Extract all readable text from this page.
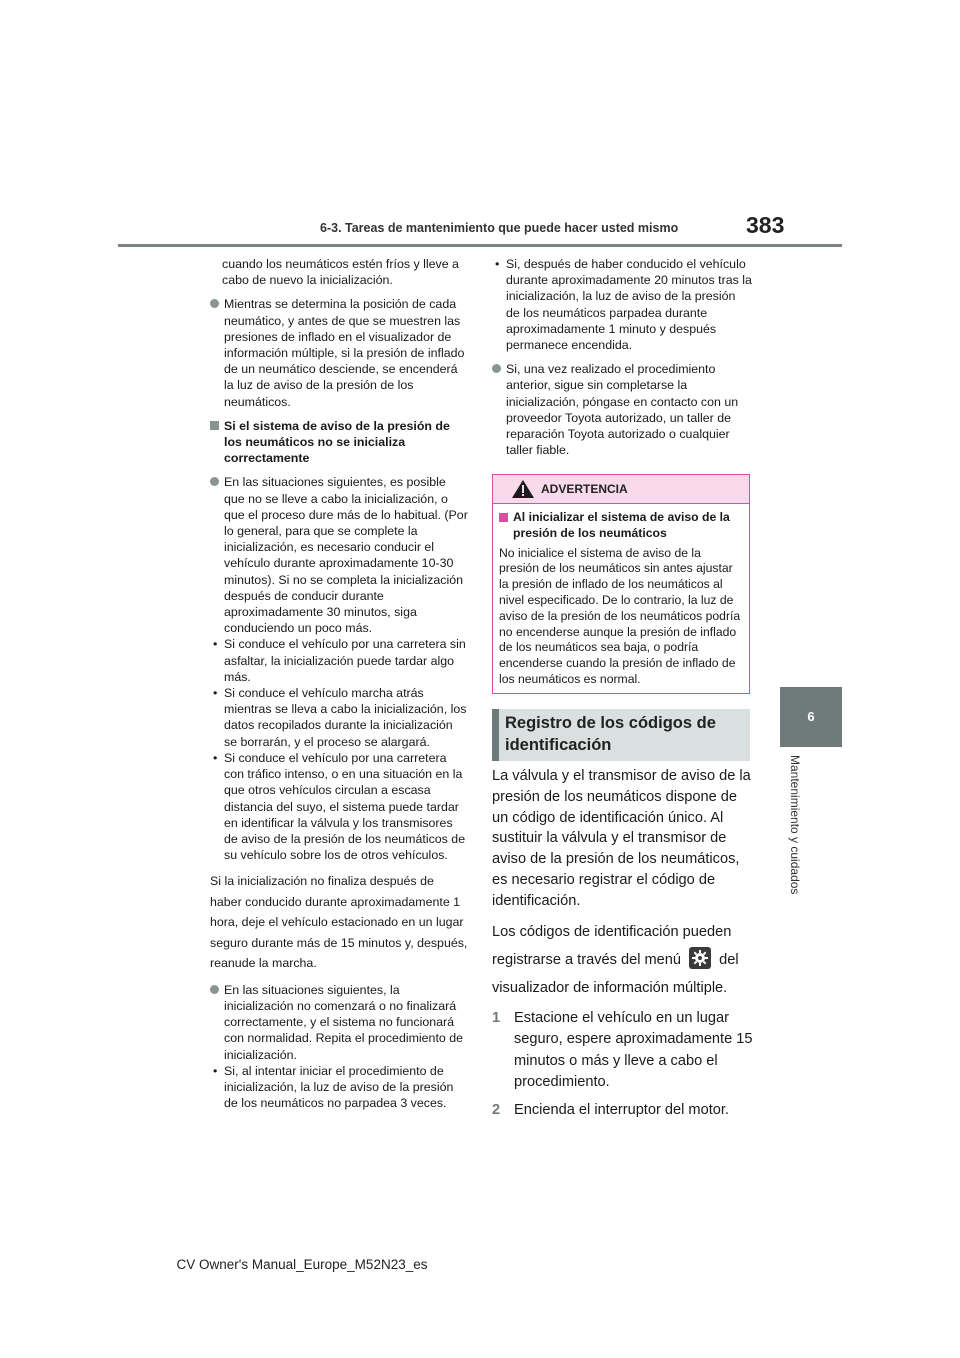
6-3. Tareas de mantenimiento que puede hacer usted mismo	383
6
Mantenimiento y cuidados

cuando los neumáticos estén fríos y lleve a cabo de nuevo la inicialización.

Mientras se determina la posición de cada neumático, y antes de que se muestren las presiones de inflado en el visualizador de información múltiple, si la presión de inflado de un neumático desciende, se encenderá la luz de aviso de la presión de los neumáticos.
Si el sistema de aviso de la presión de los neumáticos no se inicializa correctamente
En las situaciones siguientes, es posible que no se lleve a cabo la inicialización, o que el proceso dure más de lo habitual. (Por lo general, para que se complete la inicialización, es necesario conducir el vehículo durante aproximadamente 10-30 minutos). Si no se completa la inicialización después de conducir durante aproximadamente 30 minutos, siga conduciendo un poco más.
• Si conduce el vehículo por una carretera sin asfaltar, la inicialización puede tardar algo más.
• Si conduce el vehículo marcha atrás mientras se lleva a cabo la inicialización, los datos recopilados durante la inicialización se borrarán, y el proceso se alargará.
• Si conduce el vehículo por una carretera con tráfico intenso, o en una situación en la que otros vehículos circulan a escasa distancia del suyo, el sistema puede tardar en identificar la válvula y los transmisores de aviso de la presión de los neumáticos de su vehículo sobre los de otros vehículos.

Si la inicialización no finaliza después de haber conducido durante aproximadamente 1 hora, deje el vehículo estacionado en un lugar seguro durante más de 15 minutos y, después, reanude la marcha.

En las situaciones siguientes, la inicialización no comenzará o no finalizará correctamente, y el sistema no funcionará con normalidad. Repita el procedimiento de inicialización.
• Si, al intentar iniciar el procedimiento de inicialización, la luz de aviso de la presión de los neumáticos no parpadea 3 veces.
• Si, después de haber conducido el vehículo durante aproximadamente 20 minutos tras la inicialización, la luz de aviso de la presión de los neumáticos parpadea durante aproximadamente 1 minuto y después permanece encendida.
Si, una vez realizado el procedimiento anterior, sigue sin completarse la inicialización, póngase en contacto con un proveedor Toyota autorizado, un taller de reparación Toyota autorizado o cualquier taller fiable.
ADVERTENCIA
Al inicializar el sistema de aviso de la presión de los neumáticos

No inicialice el sistema de aviso de la presión de los neumáticos sin antes ajustar la presión de inflado de los neumáticos al nivel especificado. De lo contrario, la luz de aviso de la presión de los neumáticos podría no encenderse aunque la presión de inflado de los neumáticos sea baja, o podría encenderse cuando la presión de inflado de los neumáticos es normal.

Registro de los códigos de identificación

La válvula y el transmisor de aviso de la presión de los neumáticos dispone de un código de identificación único. Al sustituir la válvula y el transmisor de aviso de la presión de los neumáticos, es necesario registrar el código de identificación.

Los códigos de identificación pueden registrarse a través del menú	del visualizador de información múltiple.

1 Estacione el vehículo en un lugar seguro, espere aproximadamente 15 minutos o más y lleve a cabo el procedimiento.
2 Encienda el interruptor del motor.
CV Owner's Manual_Europe_M52N23_es
